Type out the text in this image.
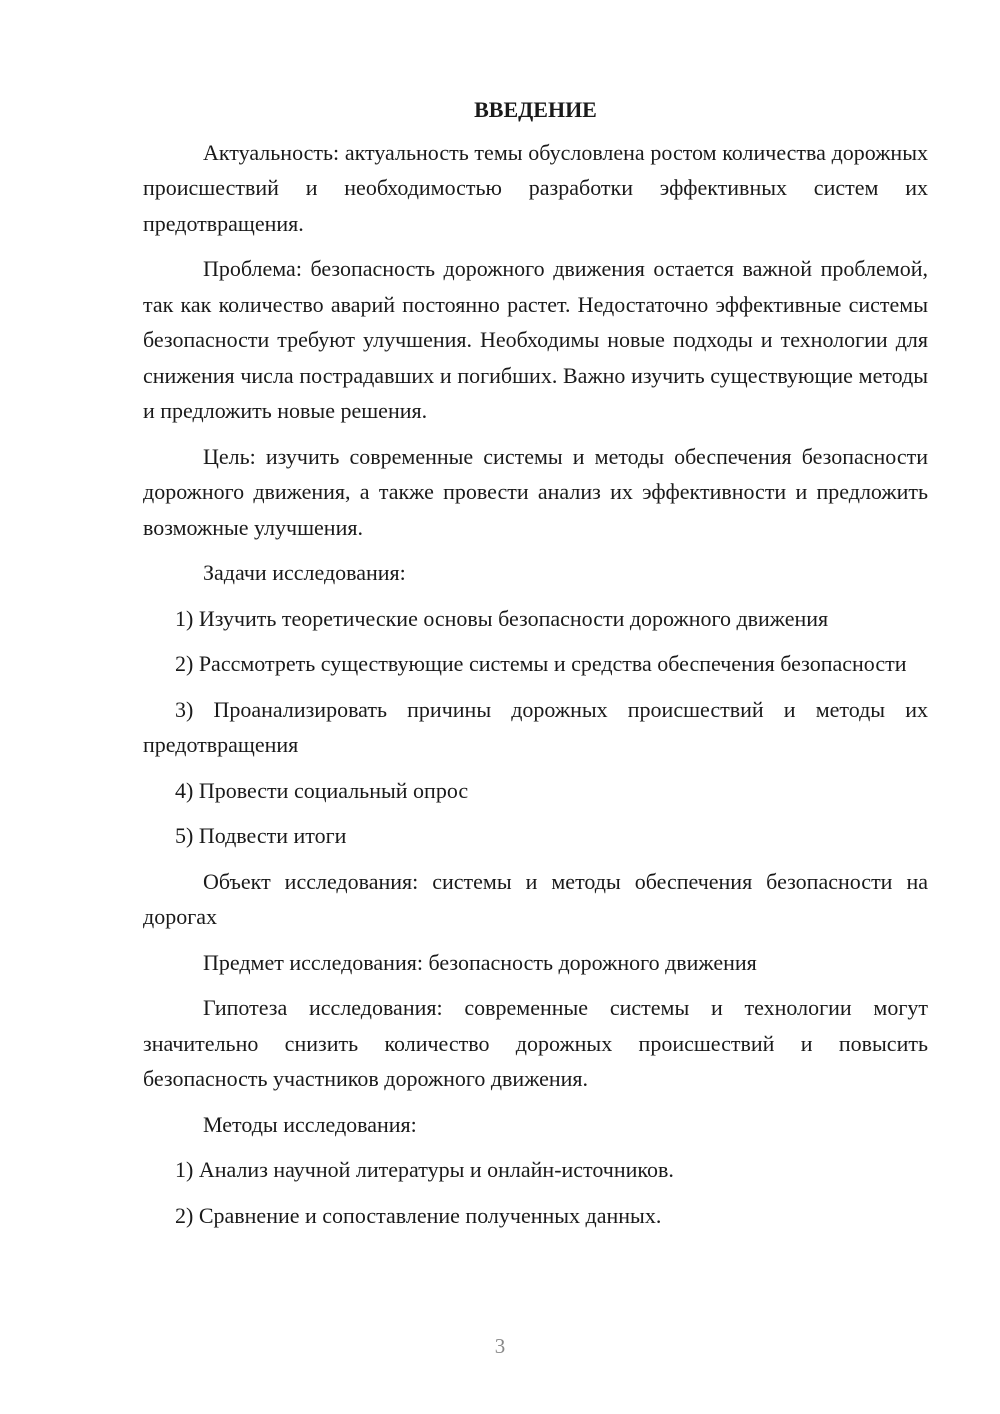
ВВЕДЕНИЕ

Актуальность: актуальность темы обусловлена ростом количества дорожных происшествий и необходимостью разработки эффективных систем их предотвращения.

Проблема: безопасность дорожного движения остается важной проблемой, так как количество аварий постоянно растет. Недостаточно эффективные системы безопасности требуют улучшения. Необходимы новые подходы и технологии для снижения числа пострадавших и погибших. Важно изучить существующие методы и предложить новые решения.

Цель: изучить современные системы и методы обеспечения безопасности дорожного движения, а также провести анализ их эффективности и предложить возможные улучшения.

Задачи исследования:

1) Изучить теоретические основы безопасности дорожного движения

2) Рассмотреть существующие системы и средства обеспечения безопасности

3) Проанализировать причины дорожных происшествий и методы их предотвращения

4) Провести социальный опрос

5) Подвести итоги

Объект исследования: системы и методы обеспечения безопасности на дорогах

Предмет исследования: безопасность дорожного движения

Гипотеза исследования: современные системы и технологии могут значительно снизить количество дорожных происшествий и повысить безопасность участников дорожного движения.

Методы исследования:

1) Анализ научной литературы и онлайн-источников.

2) Сравнение и сопоставление полученных данных.

3
